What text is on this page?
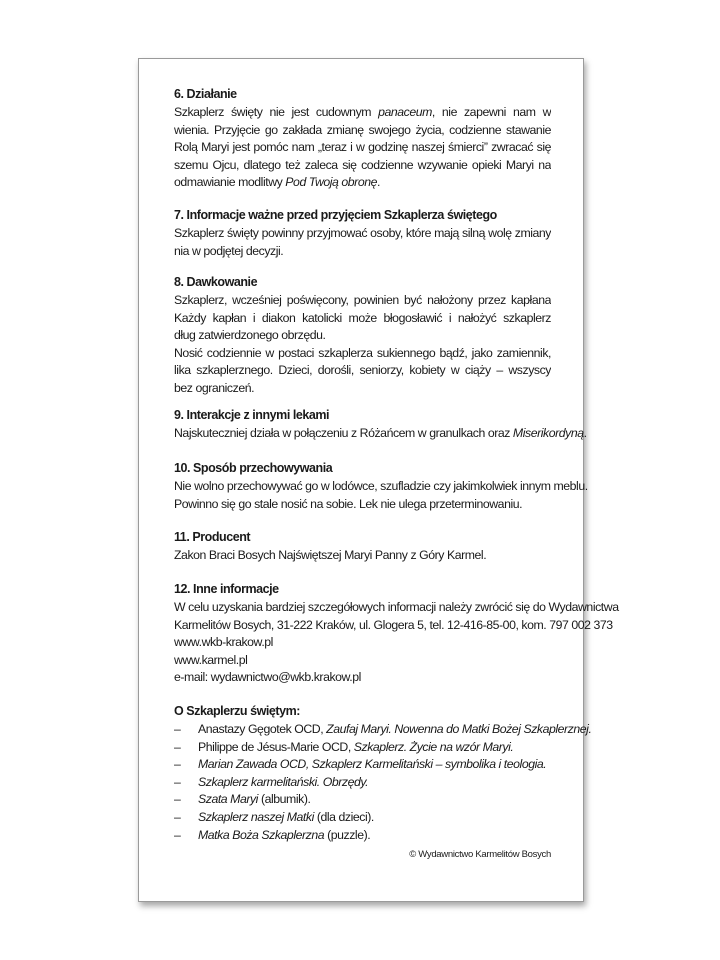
© Wydawnictwo Karmelitów Bosych
6. Działanie
Szkaplerz święty nie jest cudownym panaceum, nie zapewni nam w
wienia. Przyjęcie go zakłada zmianę swojego życia, codzienne stawanie
Rolą Maryi jest pomóc nam „teraz i w godzinę naszej śmierci” zwracać się
szemu Ojcu, dlatego też zaleca się codzienne wzywanie opieki Maryi na
odmawianie modlitwy Pod Twoją obronę.
7. Informacje ważne przed przyjęciem Szkaplerza świętego
Szkaplerz święty powinny przyjmować osoby, które mają silną wolę zmiany
nia w podjętej decyzji.
8. Dawkowanie
Szkaplerz, wcześniej poświęcony, powinien być nałożony przez kapłana
Każdy kapłan i diakon katolicki może błogosławić i nałożyć szkaplerz
dług zatwierdzonego obrzędu.
Nosić codziennie w postaci szkaplerza sukiennego bądź, jako zamiennik,
lika szkaplerznego. Dzieci, dorośli, seniorzy, kobiety w ciąży – wszyscy
bez ograniczeń.
9. Interakcje z innymi lekami
Najskuteczniej działa w połączeniu z Różańcem w granulkach oraz Miserikordyną.
10. Sposób przechowywania
Nie wolno przechowywać go w lodówce, szufladzie czy jakimkolwiek innym meblu.
Powinno się go stale nosić na sobie. Lek nie ulega przeterminowaniu.
11. Producent
Zakon Braci Bosych Najświętszej Maryi Panny z Góry Karmel.
12. Inne informacje
W celu uzyskania bardziej szczegółowych informacji należy zwrócić się do Wydawnictwa
Karmelitów Bosych, 31-222 Kraków, ul. Glogera 5, tel. 12-416-85-00, kom. 797 002 373
www.wkb-krakow.pl
www.karmel.pl
e-mail: wydawnictwo@wkb.krakow.pl
O Szkaplerzu świętym:
– Anastazy Gęgotek OCD, Zaufaj Maryi. Nowenna do Matki Bożej Szkaplerznej.
– Philippe de Jésus-Marie OCD, Szkaplerz. Życie na wzór Maryi.
– Marian Zawada OCD, Szkaplerz Karmelitański – symbolika i teologia.
– Szkaplerz karmelitański. Obrzędy.
– Szata Maryi (albumik).
– Szkaplerz naszej Matki (dla dzieci).
– Matka Boża Szkaplerzna (puzzle).
